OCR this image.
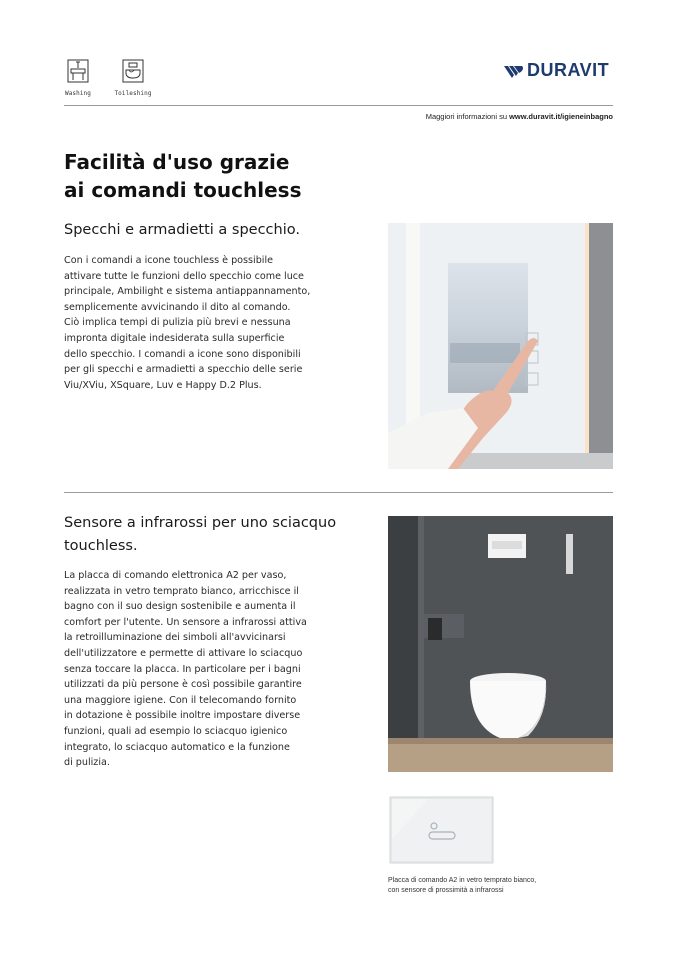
Washing	Toileshing
DURAVIT
Maggiori informazioni su www.duravit.it/igieneinbagno
Facilità d'uso grazie
ai comandi touchless
Specchi e armadietti a specchio.
Con i comandi a icone touchless è possibile
attivare tutte le funzioni dello specchio come luce
principale, Ambilight e sistema antiappannamento,
semplicemente avvicinando il dito al comando.
Ciò implica tempi di pulizia più brevi e nessuna
impronta digitale indesiderata sulla superficie
dello specchio. I comandi a icone sono disponibili
per gli specchi e armadietti a specchio delle serie
Viu/XViu, XSquare, Luv e Happy D.2 Plus.
Sensore a infrarossi per uno sciacquo
touchless.
La placca di comando elettronica A2 per vaso,
realizzata in vetro temprato bianco, arricchisce il
bagno con il suo design sostenibile e aumenta il
comfort per l'utente. Un sensore a infrarossi attiva
la retroilluminazione dei simboli all'avvicinarsi
dell'utilizzatore e permette di attivare lo sciacquo
senza toccare la placca. In particolare per i bagni
utilizzati da più persone è così possibile garantire
una maggiore igiene. Con il telecomando fornito
in dotazione è possibile inoltre impostare diverse
funzioni, quali ad esempio lo sciacquo igienico
integrato, lo sciacquo automatico e la funzione
di pulizia.
Placca di comando A2 in vetro temprato bianco,
con sensore di prossimità a infrarossi
